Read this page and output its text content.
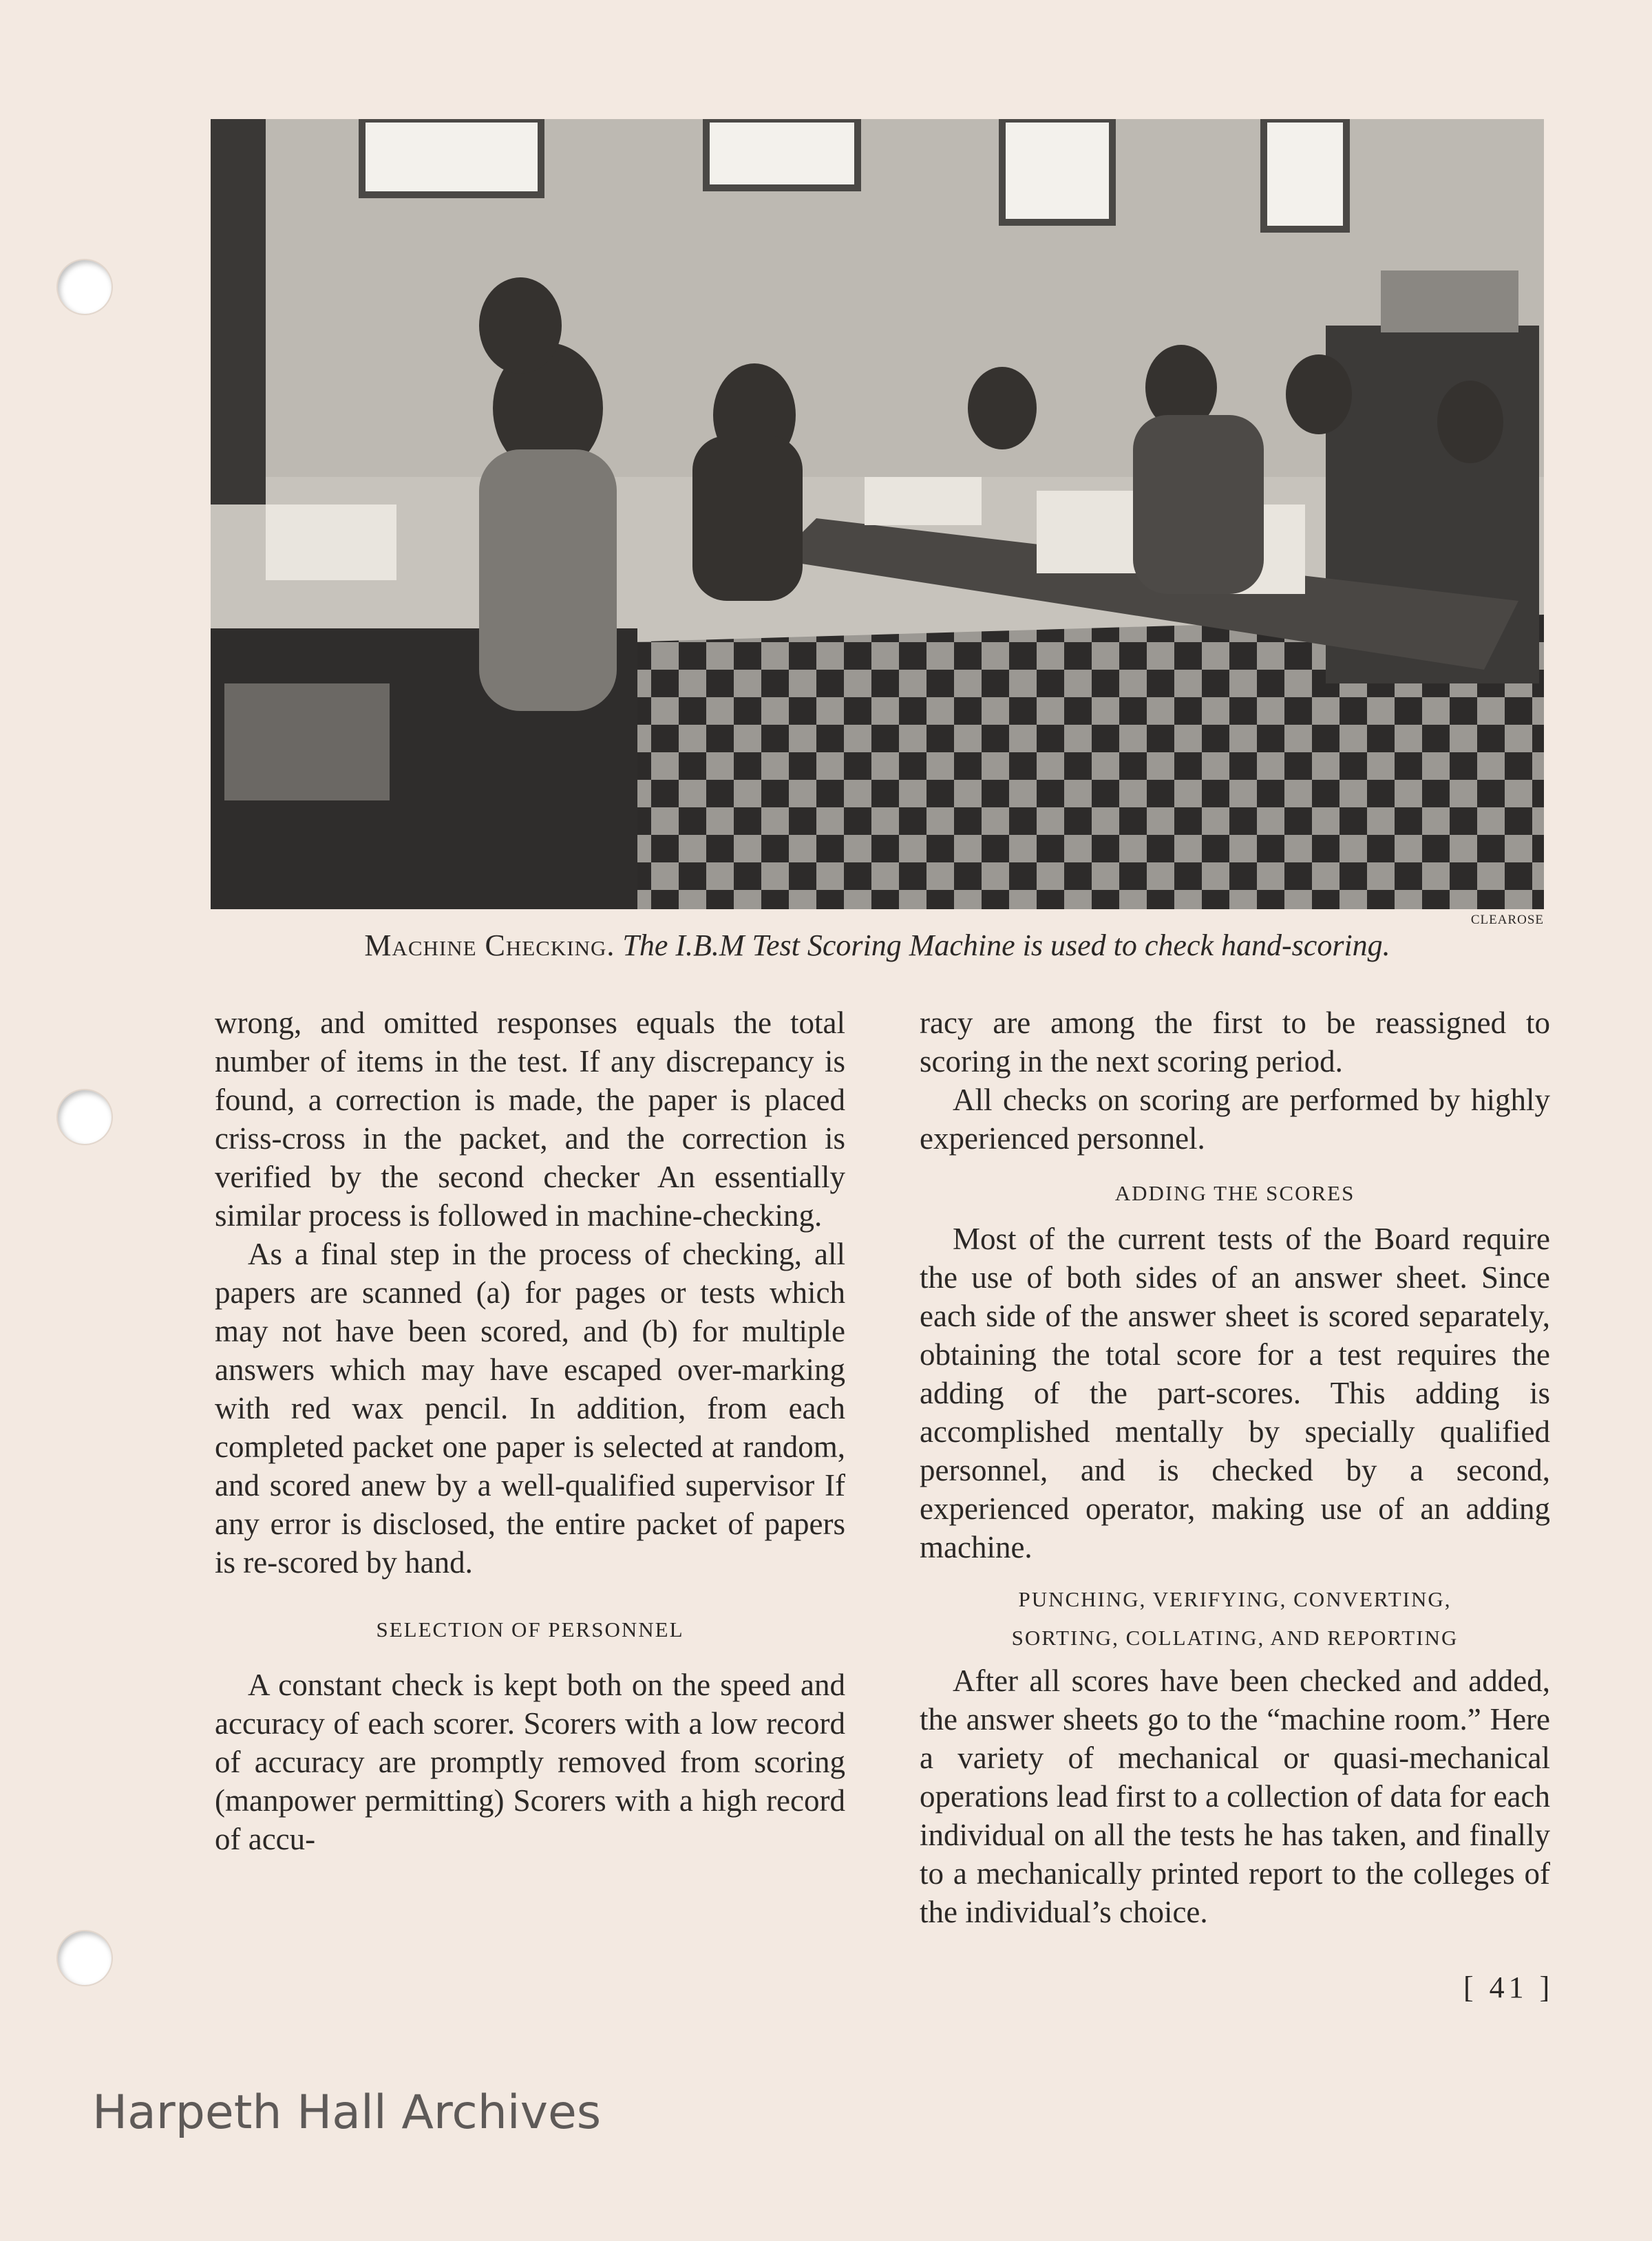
CLEAROSE
Machine Checking. The I.B.M Test Scoring Machine is used to check hand-scoring.

wrong, and omitted responses equals the total number of items in the test. If any discrepancy is found, a correction is made, the paper is placed criss-cross in the packet, and the correction is verified by the second checker An essentially similar process is followed in machine-checking.

As a final step in the process of checking, all papers are scanned (a) for pages or tests which may not have been scored, and (b) for multiple answers which may have escaped over-marking with red wax pencil. In addition, from each completed packet one paper is selected at random, and scored anew by a well-qualified supervisor If any error is disclosed, the entire packet of papers is re-scored by hand.

SELECTION OF PERSONNEL

A constant check is kept both on the speed and accuracy of each scorer. Scorers with a low record of accuracy are promptly removed from scoring (manpower permitting) Scorers with a high record of accu-

racy are among the first to be reassigned to scoring in the next scoring period.

All checks on scoring are performed by highly experienced personnel.

ADDING THE SCORES

Most of the current tests of the Board require the use of both sides of an answer sheet. Since each side of the answer sheet is scored separately, obtaining the total score for a test requires the adding of the part-scores. This adding is accomplished mentally by specially qualified personnel, and is checked by a second, experienced operator, making use of an adding machine.

PUNCHING, VERIFYING, CONVERTING,
SORTING, COLLATING, AND REPORTING

After all scores have been checked and added, the answer sheets go to the “machine room.” Here a variety of mechanical or quasi-mechanical operations lead first to a collection of data for each individual on all the tests he has taken, and finally to a mechanically printed report to the colleges of the individual’s choice.

[ 41 ]
Harpeth Hall Archives
